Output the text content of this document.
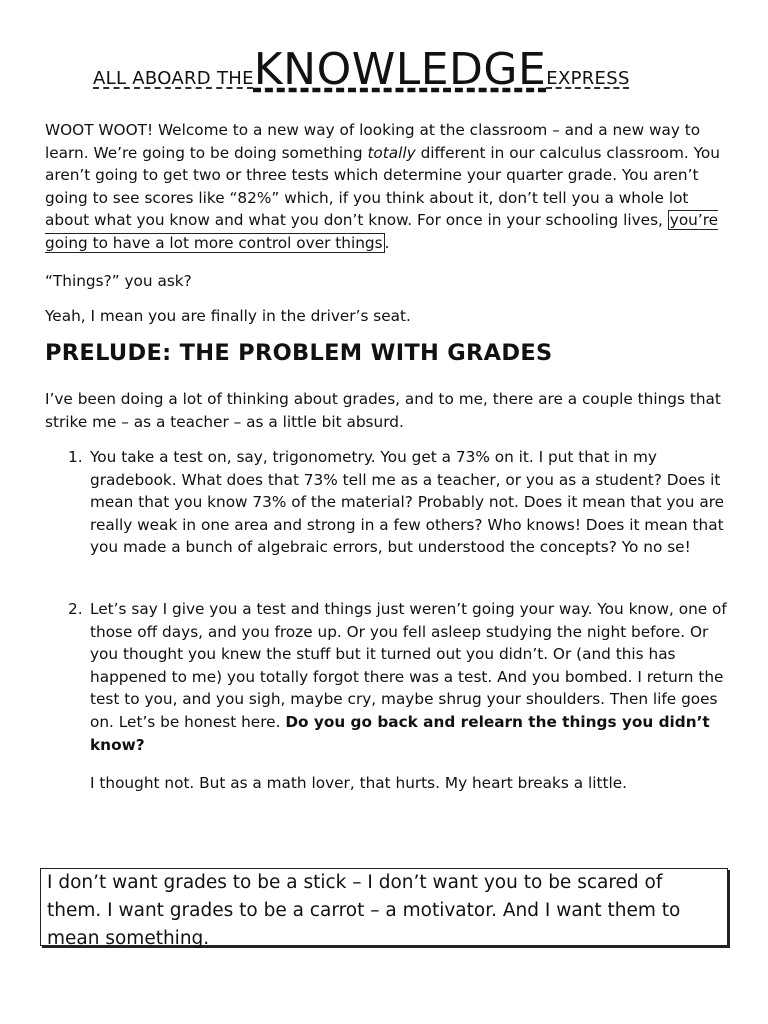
ALL ABOARD THEKNOWLEDGEEXPRESS

WOOT WOOT! Welcome to a new way of looking at the classroom – and a new way to learn. We’re going to be doing something totally different in our calculus classroom. You aren’t going to get two or three tests which determine your quarter grade. You aren’t going to see scores like “82%” which, if you think about it, don’t tell you a whole lot about what you know and what you don’t know. For once in your schooling lives, you’re going to have a lot more control over things .

“Things?” you ask?

Yeah, I mean you are finally in the driver’s seat.

PRELUDE: THE PROBLEM WITH GRADES

I’ve been doing a lot of thinking about grades, and to me, there are a couple things that strike me – as a teacher – as a little bit absurd.

1. You take a test on, say, trigonometry. You get a 73% on it. I put that in my gradebook. What does that 73% tell me as a teacher, or you as a student? Does it mean that you know 73% of the material? Probably not. Does it mean that you are really weak in one area and strong in a few others? Who knows! Does it mean that you made a bunch of algebraic errors, but understood the concepts? Yo no se!
2. Let’s say I give you a test and things just weren’t going your way. You know, one of those off days, and you froze up. Or you fell asleep studying the night before. Or you thought you knew the stuff but it turned out you didn’t. Or (and this has happened to me) you totally forgot there was a test. And you bombed. I return the test to you, and you sigh, maybe cry, maybe shrug your shoulders. Then life goes on. Let’s be honest here. Do you go back and relearn the things you didn’t know?

I thought not. But as a math lover, that hurts. My heart breaks a little.

I don’t want grades to be a stick – I don’t want you to be scared of them. I want grades to be a carrot – a motivator. And I want them to mean something.
